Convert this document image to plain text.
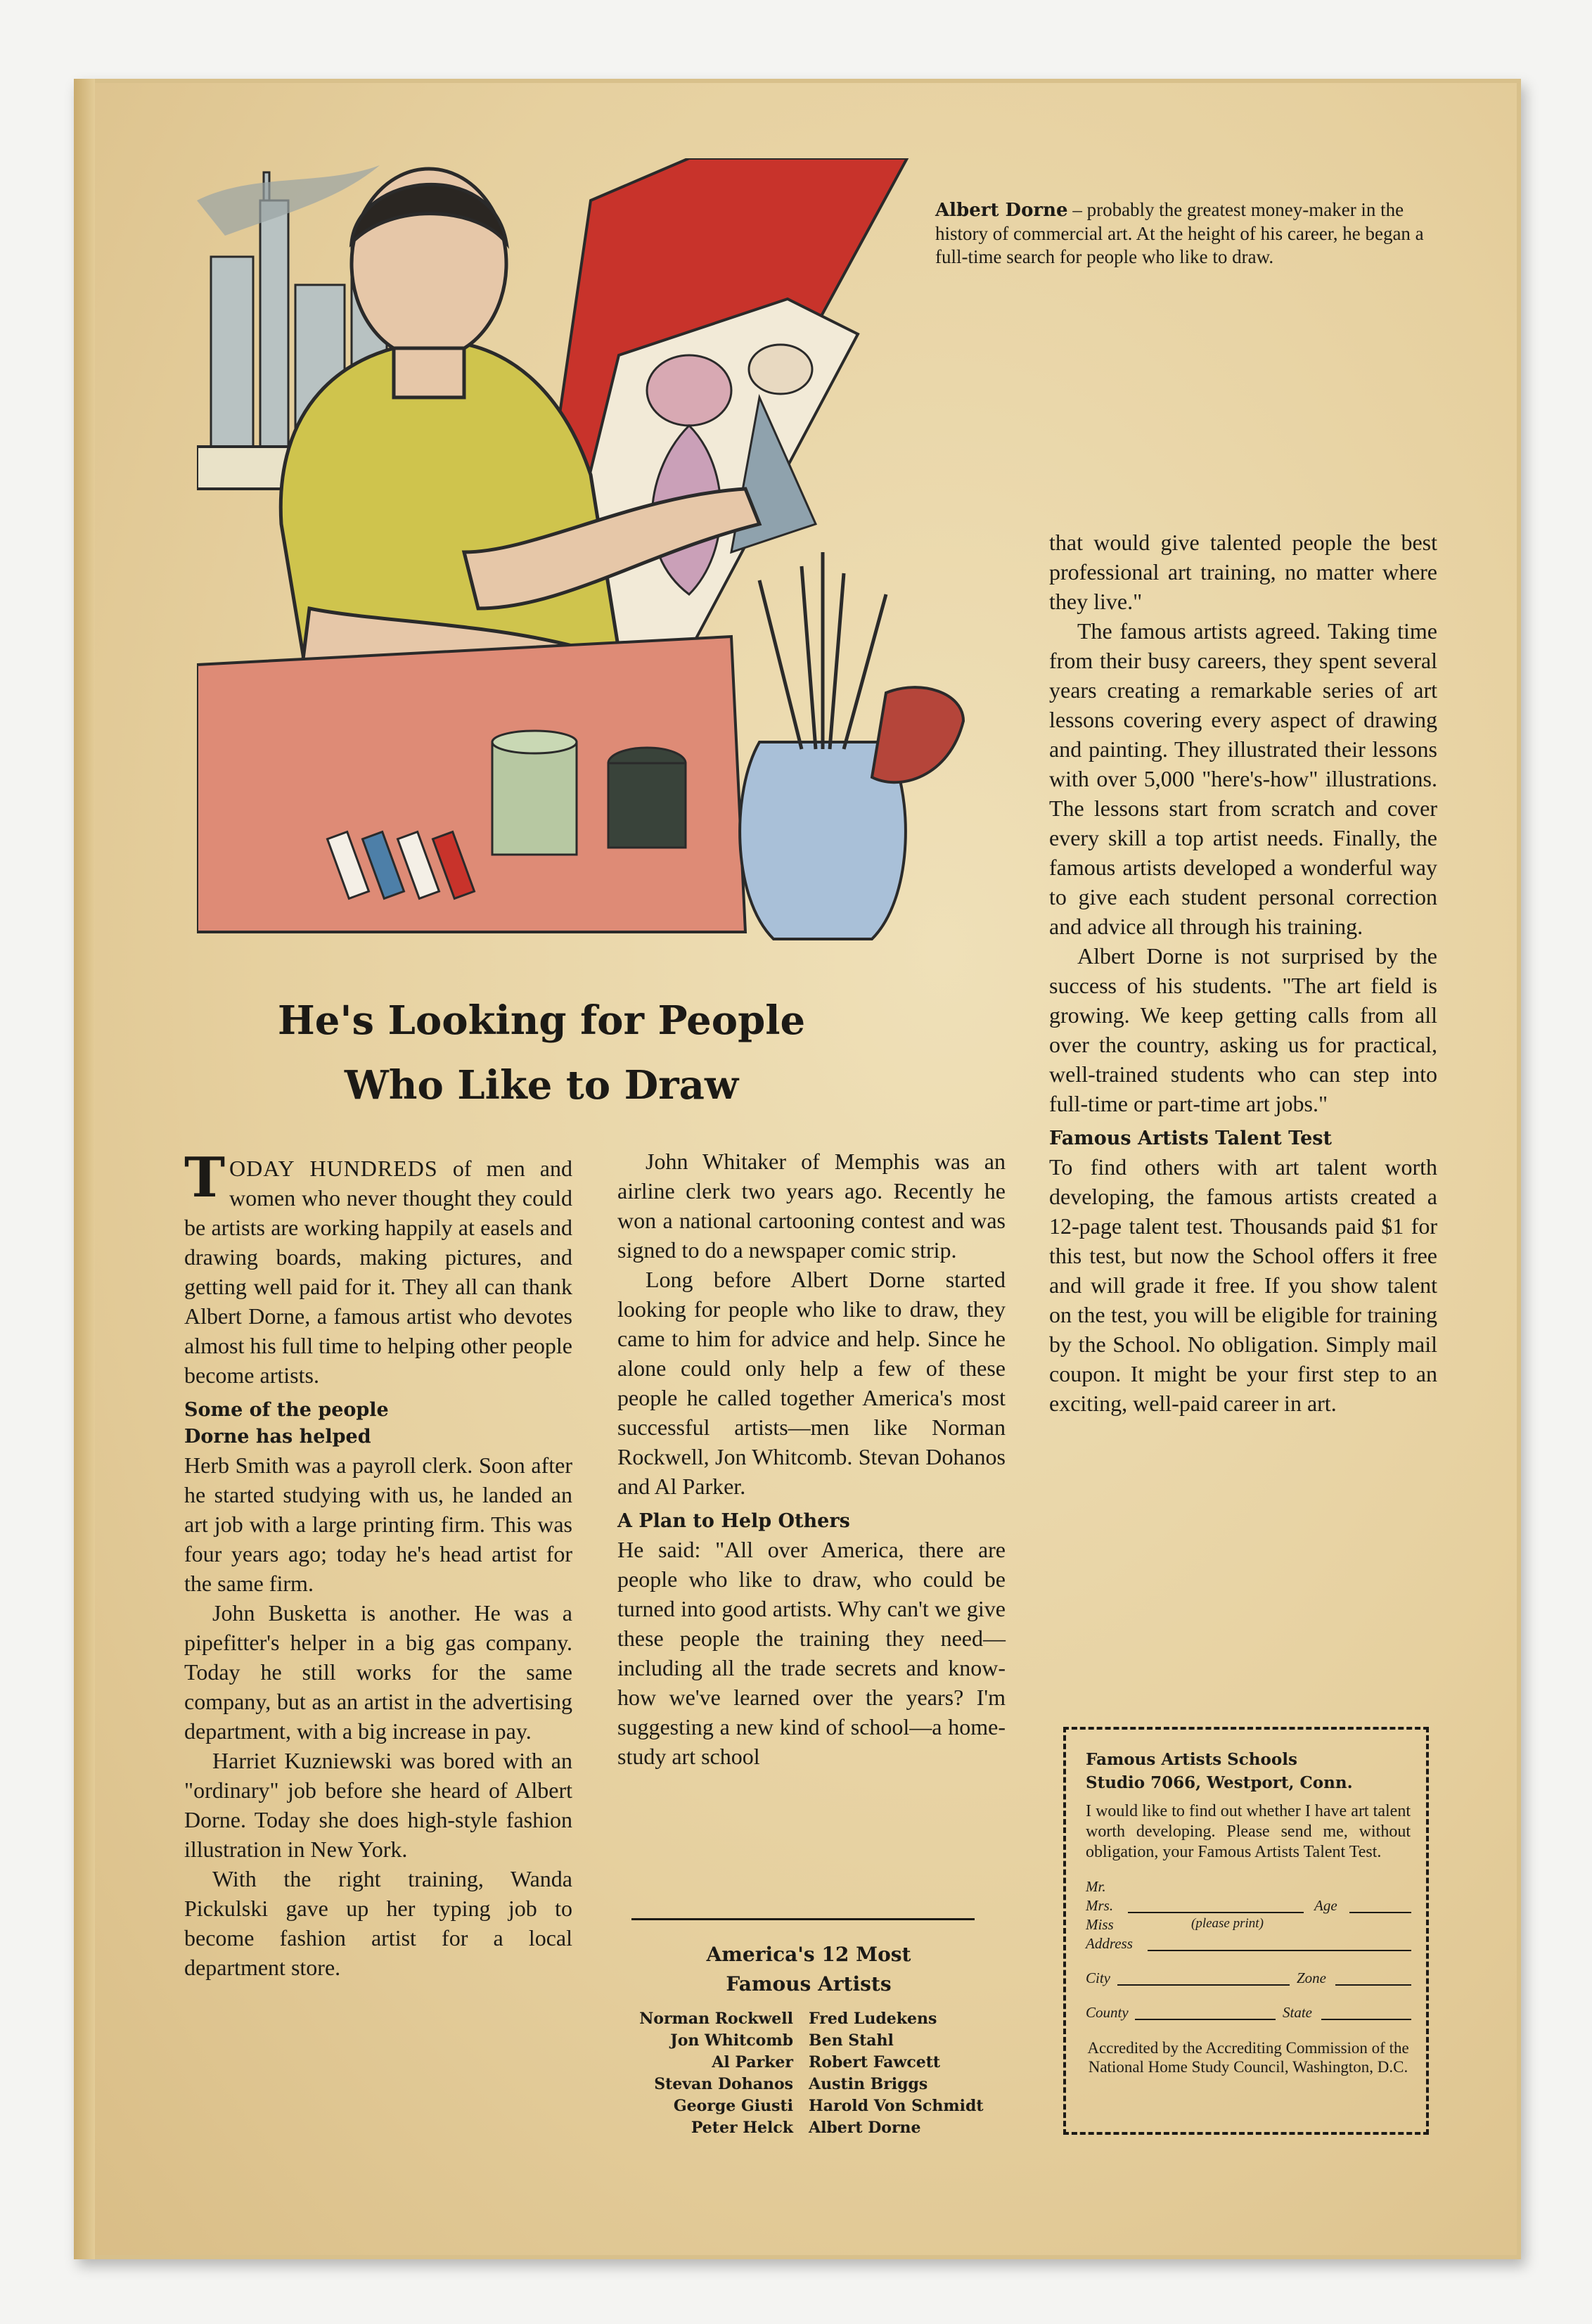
Albert Dorne – probably the greatest money-maker in the history of commercial art. At the height of his career, he began a full-time search for people who like to draw.
He's Looking for People
Who Like to Draw

TODAY HUNDREDS of men and women who never thought they could be artists are working happily at easels and drawing boards, making pictures, and getting well paid for it. They all can thank Albert Dorne, a famous artist who devotes almost his full time to helping other people become artists.

Some of the people
Dorne has helped

Herb Smith was a payroll clerk. Soon after he started studying with us, he landed an art job with a large printing firm. This was four years ago; today he's head artist for the same firm.

John Busketta is another. He was a pipefitter's helper in a big gas company. Today he still works for the same company, but as an artist in the advertising department, with a big increase in pay.

Harriet Kuzniewski was bored with an "ordinary" job before she heard of Albert Dorne. Today she does high-style fashion illustration in New York.

With the right training, Wanda Pickulski gave up her typing job to become fashion artist for a local department store.

John Whitaker of Memphis was an airline clerk two years ago. Recently he won a national cartooning contest and was signed to do a newspaper comic strip.

Long before Albert Dorne started looking for people who like to draw, they came to him for advice and help. Since he alone could only help a few of these people he called together America's most successful artists—men like Norman Rockwell, Jon Whitcomb. Stevan Dohanos and Al Parker.

A Plan to Help Others

He said: "All over America, there are people who like to draw, who could be turned into good artists. Why can't we give these people the training they need—including all the trade secrets and know-how we've learned over the years? I'm suggesting a new kind of school—a home-study art school

that would give talented people the best professional art training, no matter where they live."

The famous artists agreed. Taking time from their busy careers, they spent several years creating a remarkable series of art lessons covering every aspect of drawing and painting. They illustrated their lessons with over 5,000 "here's-how" illustrations. The lessons start from scratch and cover every skill a top artist needs. Finally, the famous artists developed a wonderful way to give each student personal correction and advice all through his training.

Albert Dorne is not surprised by the success of his students. "The art field is growing. We keep getting calls from all over the country, asking us for practical, well-trained students who can step into full-time or part-time art jobs."

Famous Artists Talent Test

To find others with art talent worth developing, the famous artists created a 12-page talent test. Thousands paid $1 for this test, but now the School offers it free and will grade it free. If you show talent on the test, you will be eligible for training by the School. No obligation. Simply mail coupon. It might be your first step to an exciting, well-paid career in art.

America's 12 Most
Famous Artists
Norman Rockwell	Fred Ludekens
Jon Whitcomb	Ben Stahl
Al Parker	Robert Fawcett
Stevan Dohanos	Austin Briggs
George Giusti	Harold Von Schmidt
Peter Helck	Albert Dorne
Famous Artists Schools
Studio 7066, Westport, Conn.
I would like to find out whether I have art talent worth developing. Please send me, without obligation, your Famous Artists Talent Test.
Mr.
Mrs.	Age
Miss	(please print)
Address
City	Zone
County	State
Accredited by the Accrediting Commission of the National Home Study Council, Washington, D.C.
